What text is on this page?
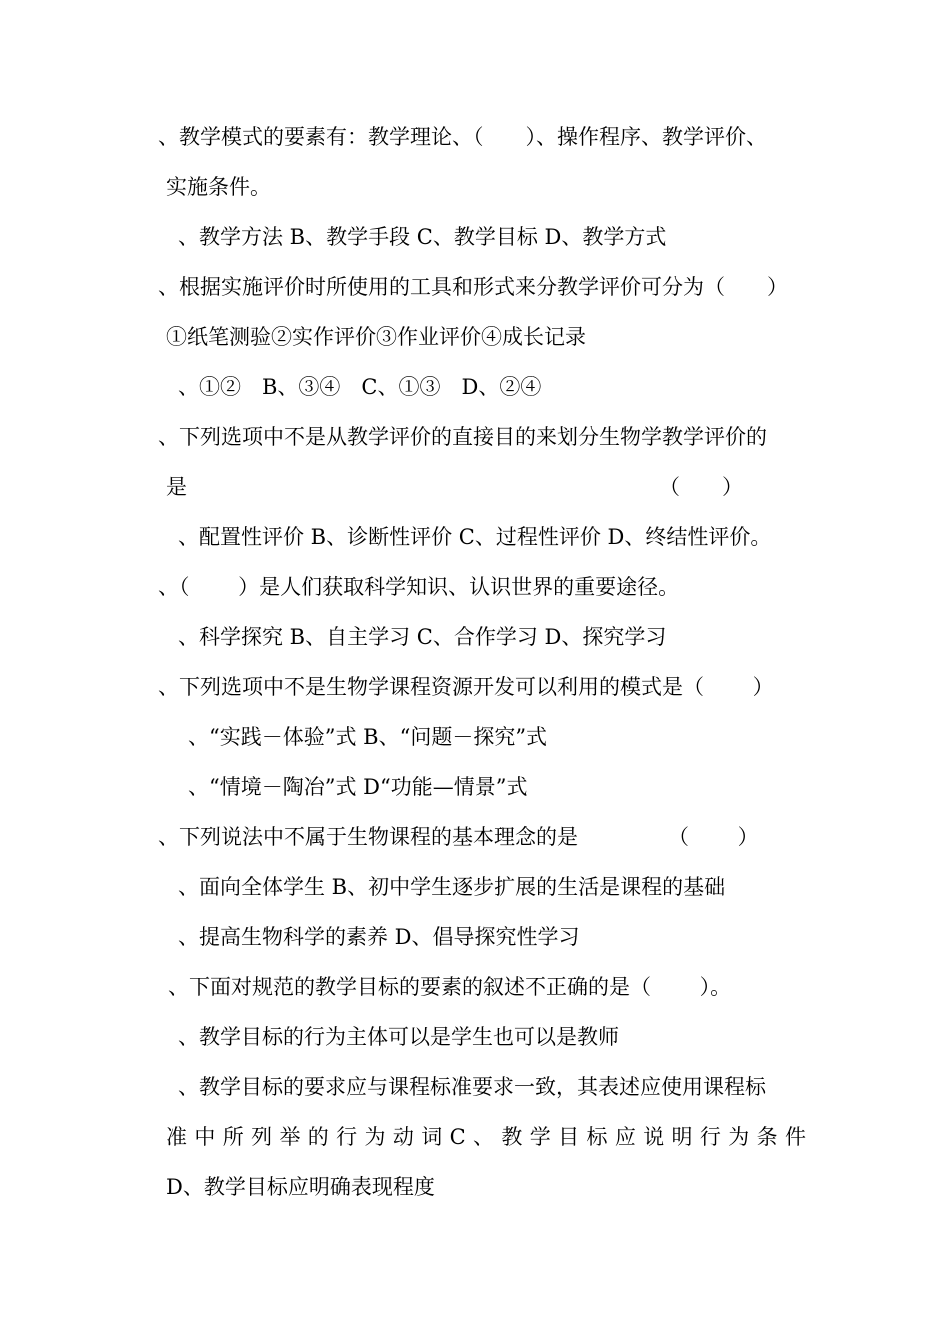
、教学模式的要素有：教学理论、（　　）、操作程序、教学评价、
实施条件。
、教学方法 B、教学手段 C、教学目标 D、教学方式
、根据实施评价时所使用的工具和形式来分教学评价可分为（　　）
①纸笔测验②实作评价③作业评价④成长记录
、①②　B、③④　C、①③　D、②④
、下列选项中不是从教学评价的直接目的来划分生物学教学评价的
是	（　　）
、配置性评价 B、诊断性评价 C、过程性评价 D、终结性评价。
、（　　 ）是人们获取科学知识、认识世界的重要途径。
、科学探究 B、自主学习 C、合作学习 D、探究学习
、下列选项中不是生物学课程资源开发可以利用的模式是（　　 ）
、“实践－体验”式 B、“问题－探究”式
、“情境－陶冶”式 D“功能—情景”式
、下列说法中不属于生物课程的基本理念的是	（　　 ）
、面向全体学生 B、初中学生逐步扩展的生活是课程的基础
、提高生物科学的素养 D、倡导探究性学习
、下面对规范的教学目标的要素的叙述不正确的是（　　 ）。
、教学目标的行为主体可以是学生也可以是教师
、教学目标的要求应与课程标准要求一致，其表述应使用课程标
准 中 所 列 举 的 行 为 动 词 C 、 教 学 目 标 应 说 明 行 为 条 件
D、教学目标应明确表现程度
